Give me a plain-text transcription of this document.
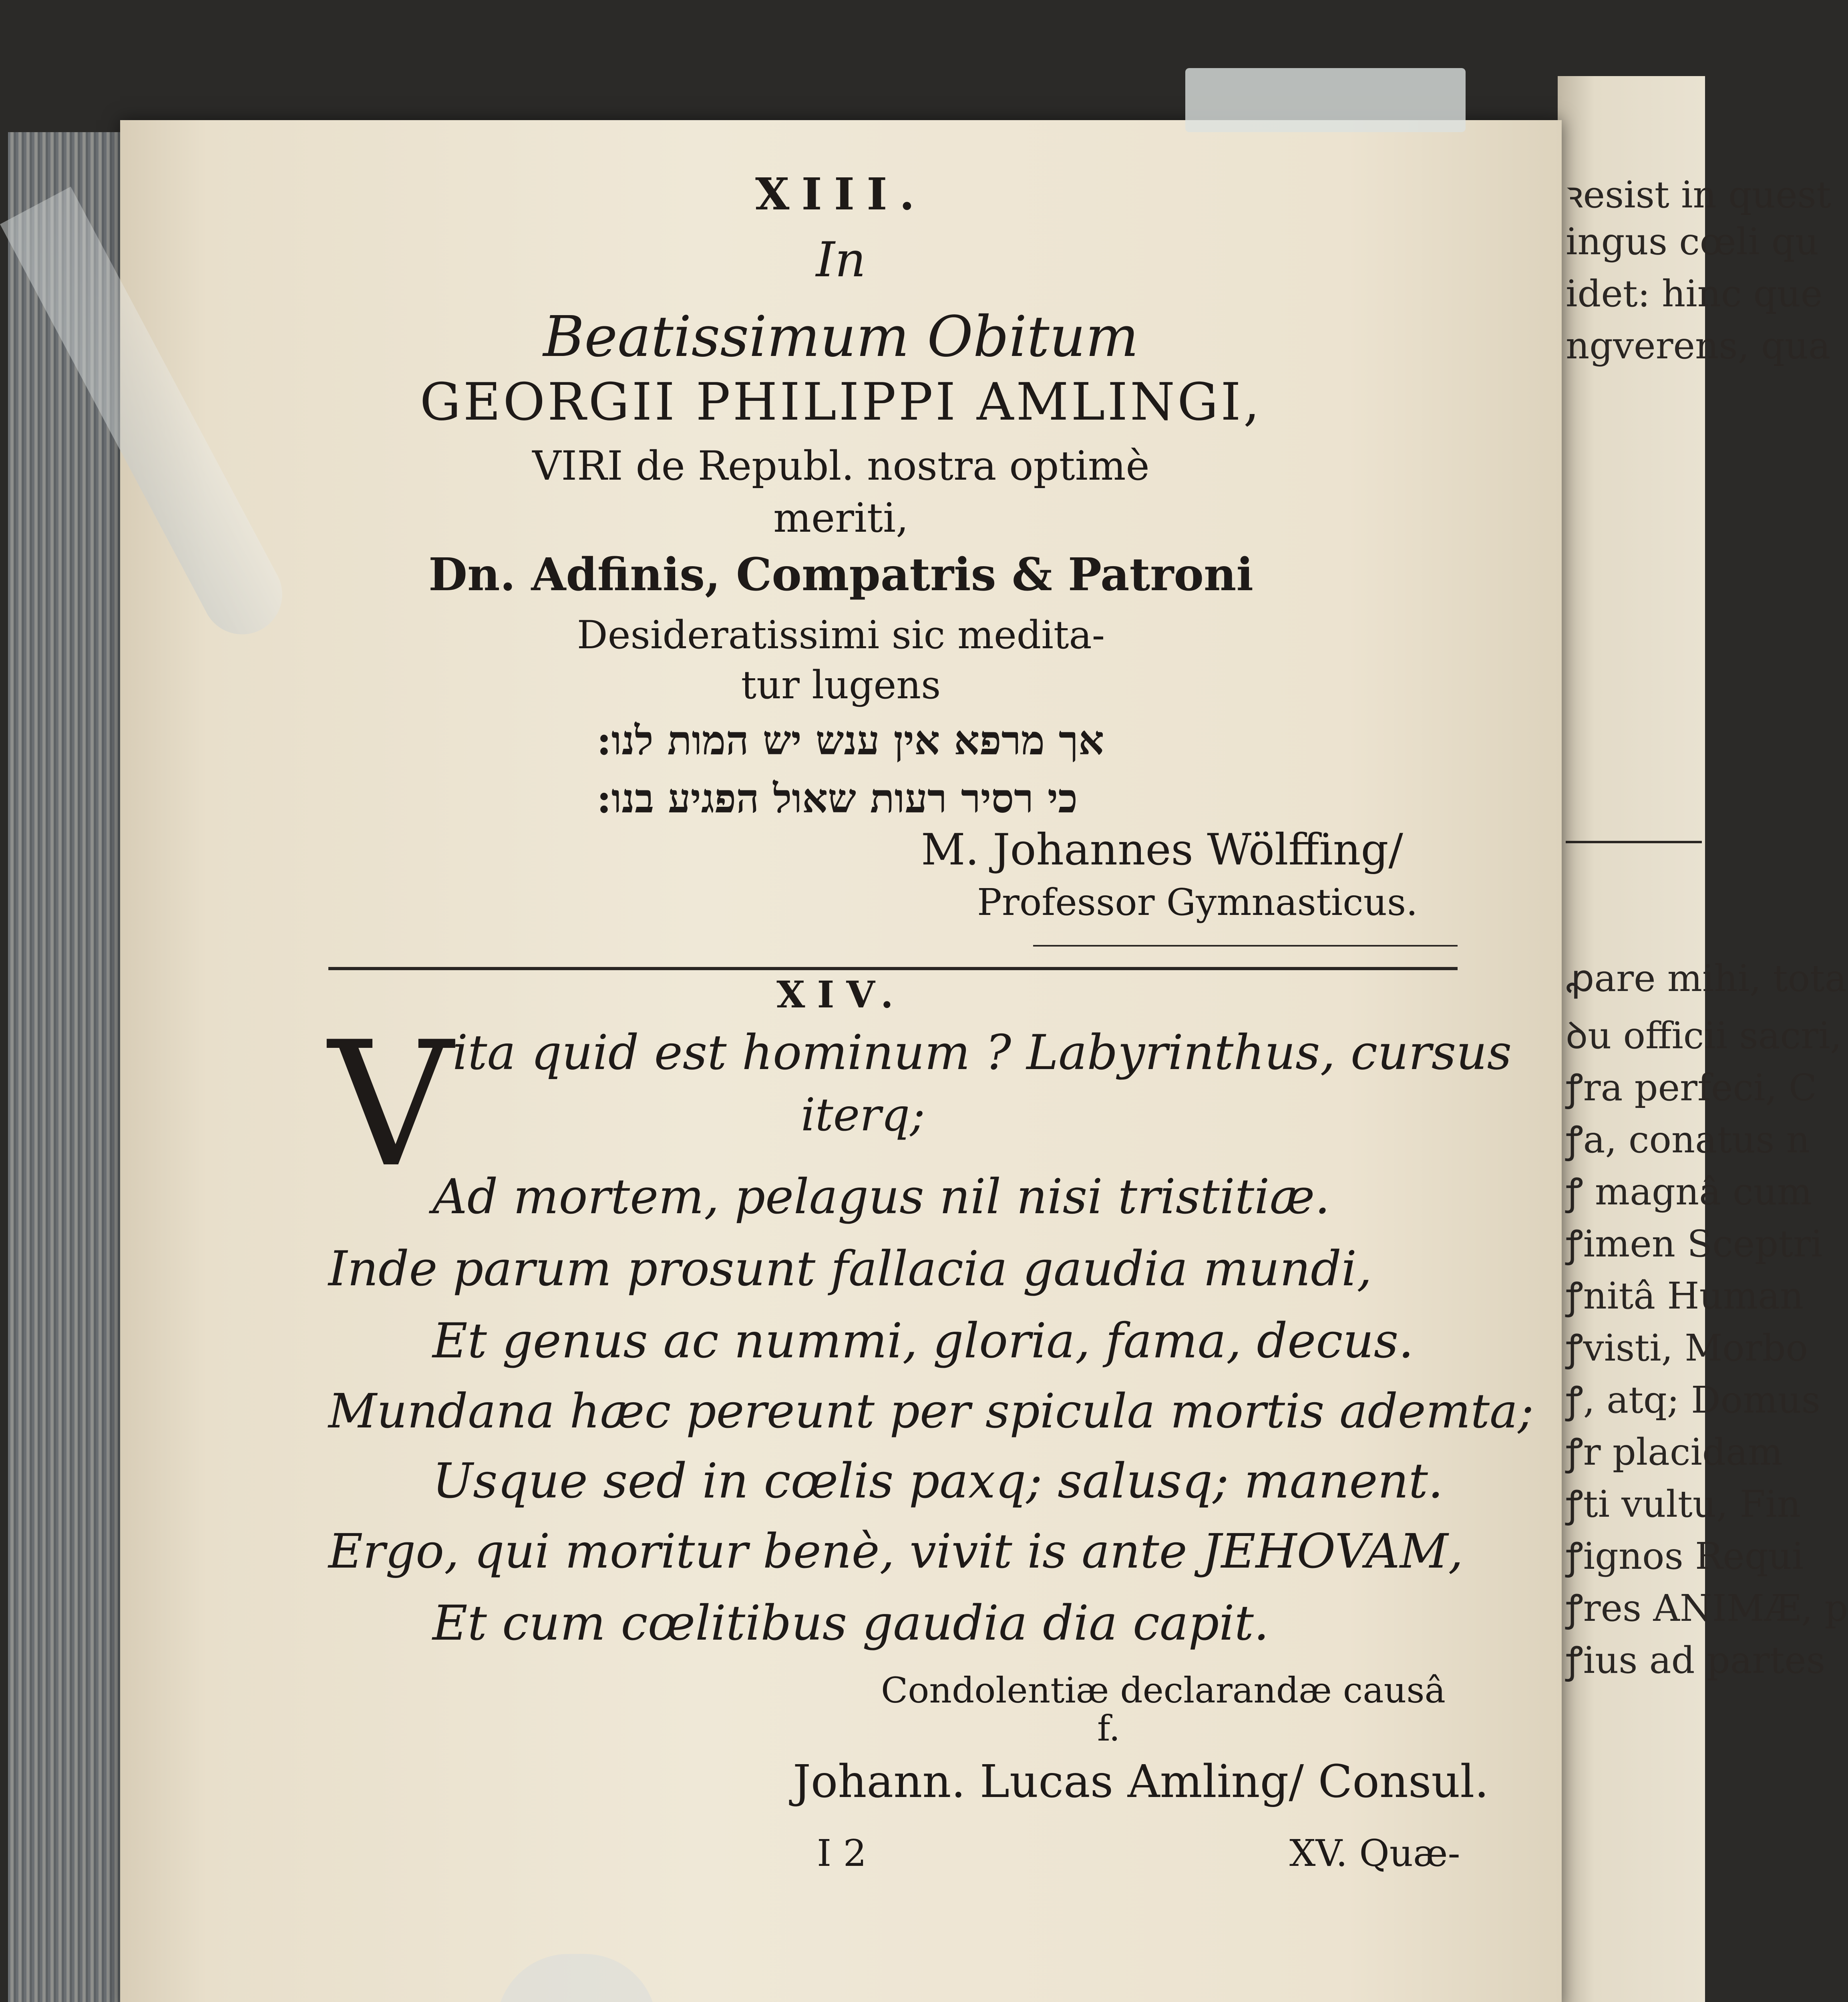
ꝛesist in quest
ingus cœli qu
idet: hinc que
ngverens, qua
ꝓare mihi, tota
ꝺu officii sacri,
ꝭra perfeci, C
ꝭa, conatus n
ꝭ magnâ cum
ꝭimen Sceptri
ꝭnitâ Human
ꝭvisti, Morbo
ꝭ, atq; Domus
ꝭr placidam
ꝭti vultu, Fin
ꝭignos Requi
ꝭres ANIMÆ, p
ꝭius ad partes
XIII.
In
Beatissimum Obitum
GEORGII PHILIPPI AMLINGI,
VIRI de Republ. nostra optimè
meriti,
Dn. Adfinis, Compatris & Patroni
Desideratissimi sic medita-
tur lugens
אך מרפא אין ענש יש המות לנו:
כי רסיר רעות שאול הפגיע בנו:
M. Johannes Wölffing/
Professor Gymnasticus.
XIV.
V ita quid est hominum ? Labyrinthus, cursus
iterq;
Ad mortem, pelagus nil nisi tristitiæ.
Inde parum prosunt fallacia gaudia mundi,
Et genus ac nummi, gloria, fama, decus.
Mundana hæc pereunt per spicula mortis ademta;
Usque sed in cœlis paxq; salusq; manent.
Ergo, qui moritur benè, vivit is ante JEHOVAM,
Et cum cœlitibus gaudia dia capit.
Condolentiæ declarandæ causâ
f.
Johann. Lucas Amling/ Consul.
I 2	XV. Quæ-
